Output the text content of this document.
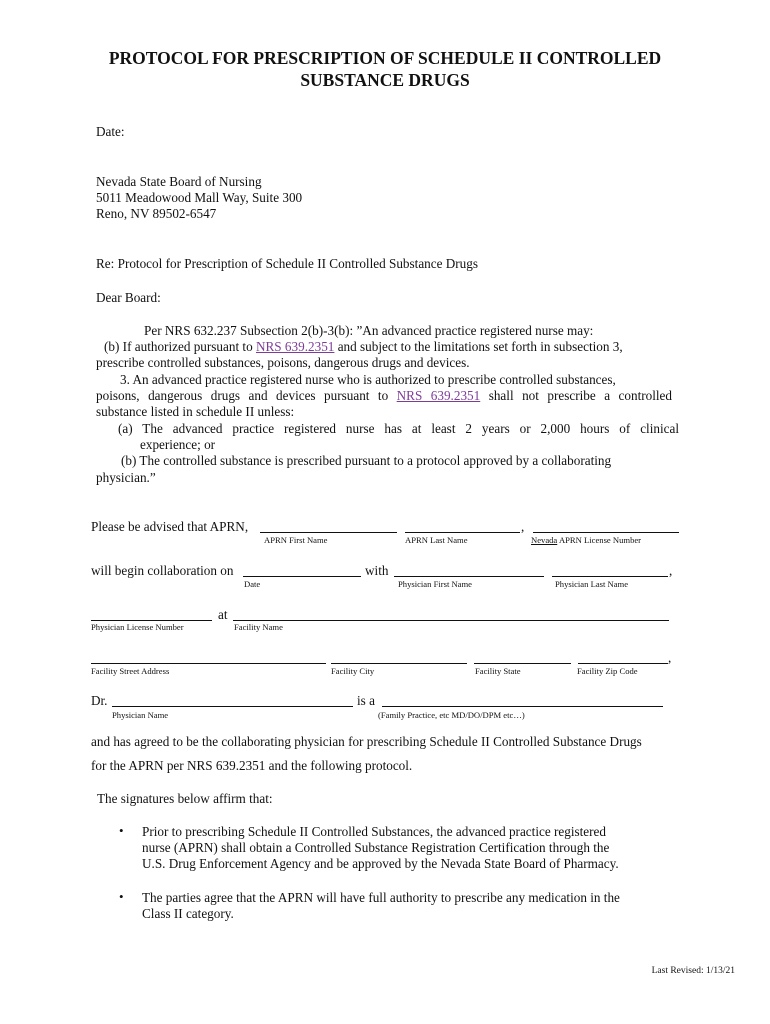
PROTOCOL FOR PRESCRIPTION OF SCHEDULE II CONTROLLED
SUBSTANCE DRUGS
Date:
Nevada State Board of Nursing
5011 Meadowood Mall Way, Suite 300
Reno, NV 89502-6547
Re: Protocol for Prescription of Schedule II Controlled Substance Drugs
Dear Board:
Per NRS 632.237 Subsection 2(b)-3(b): ”An advanced practice registered nurse may:
(b) If authorized pursuant to NRS 639.2351 and subject to the limitations set forth in subsection 3,
prescribe controlled substances, poisons, dangerous drugs and devices.
3. An advanced practice registered nurse who is authorized to prescribe controlled substances,
poisons, dangerous drugs and devices pursuant to NRS 639.2351 shall not prescribe a controlled
substance listed in schedule II unless:
(a) The advanced practice registered nurse has at least 2 years or 2,000 hours of clinical
experience; or
(b) The controlled substance is prescribed pursuant to a protocol approved by a collaborating
physician.”
Please be advised that APRN,	,
APRN First Name	APRN Last Name	Nevada APRN License Number
will begin collaboration on	with	,
Date	Physician First Name	Physician Last Name
at
Physician License Number	Facility Name
,
Facility Street Address	Facility City	Facility State	Facility Zip Code
Dr.	is a
Physician Name	(Family Practice, etc MD/DO/DPM etc…)
and has agreed to be the collaborating physician for prescribing Schedule II Controlled Substance Drugs
for the APRN per NRS 639.2351 and the following protocol.
The signatures below affirm that:
• Prior to prescribing Schedule II Controlled Substances, the advanced practice registered
nurse (APRN) shall obtain a Controlled Substance Registration Certification through the
U.S. Drug Enforcement Agency and be approved by the Nevada State Board of Pharmacy.
• The parties agree that the APRN will have full authority to prescribe any medication in the
Class II category.
Last Revised: 1/13/21
